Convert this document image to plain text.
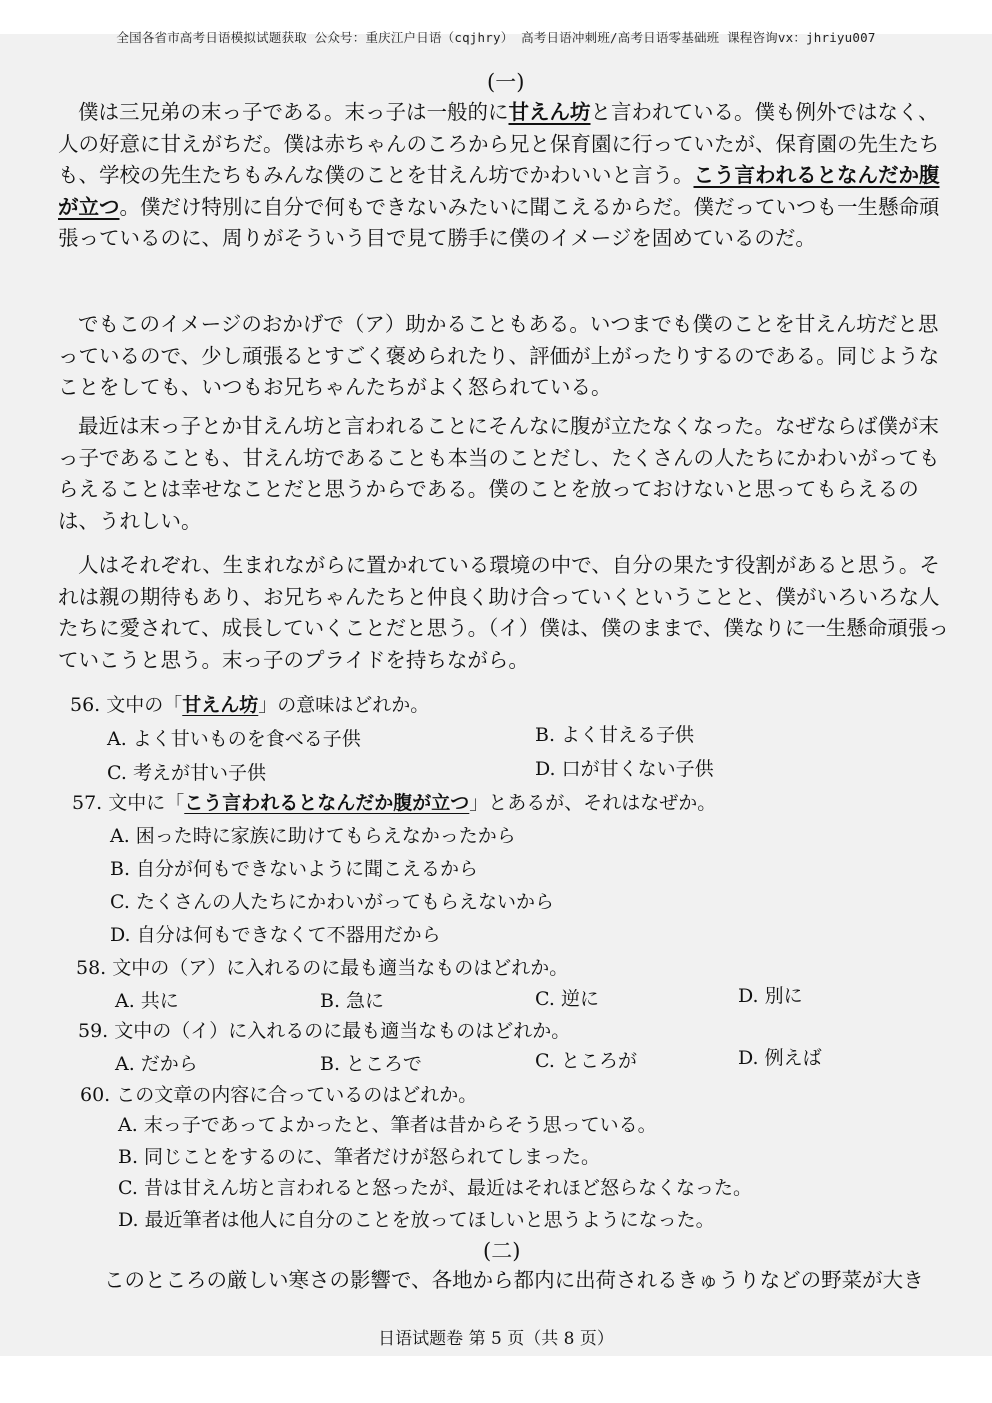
全国各省市高考日语模拟试题获取 公众号：重庆江户日语（cqjhry） 高考日语冲刺班/高考日语零基础班 课程咨询vx：jhriyu007
(一)

僕は三兄弟の末っ子である。末っ子は一般的に甘えん坊と言われている。僕も例外ではなく、人の好意に甘えがちだ。僕は赤ちゃんのころから兄と保育園に行っていたが、保育園の先生たちも、学校の先生たちもみんな僕のことを甘えん坊でかわいいと言う。こう言われるとなんだか腹が立つ。僕だけ特別に自分で何もできないみたいに聞こえるからだ。僕だっていつも一生懸命頑張っているのに、周りがそういう目で見て勝手に僕のイメージを固めているのだ。

でもこのイメージのおかげで（ア）助かることもある。いつまでも僕のことを甘えん坊だと思っているので、少し頑張るとすごく褒められたり、評価が上がったりするのである。同じようなことをしても、いつもお兄ちゃんたちがよく怒られている。

最近は末っ子とか甘えん坊と言われることにそんなに腹が立たなくなった。なぜならば僕が末っ子であることも、甘えん坊であることも本当のことだし、たくさんの人たちにかわいがってもらえることは幸せなことだと思うからである。僕のことを放っておけないと思ってもらえるのは、うれしい。

人はそれぞれ、生まれながらに置かれている環境の中で、自分の果たす役割があると思う。それは親の期待もあり、お兄ちゃんたちと仲良く助け合っていくということと、僕がいろいろな人たちに愛されて、成長していくことだと思う。（イ）僕は、僕のままで、僕なりに一生懸命頑張っていこうと思う。末っ子のプライドを持ちながら。

56. 文中の「甘えん坊」の意味はどれか。
A. よく甘いものを食べる子供	B. よく甘える子供
C. 考えが甘い子供	D. 口が甘くない子供
57. 文中に「こう言われるとなんだか腹が立つ」とあるが、それはなぜか。
A. 困った時に家族に助けてもらえなかったから
B. 自分が何もできないように聞こえるから
C. たくさんの人たちにかわいがってもらえないから
D. 自分は何もできなくて不器用だから
58. 文中の（ア）に入れるのに最も適当なものはどれか。
A. 共に	B. 急に	C. 逆に	D. 別に
59. 文中の（イ）に入れるのに最も適当なものはどれか。
A. だから	B. ところで	C. ところが	D. 例えば
60. この文章の内容に合っているのはどれか。
A. 末っ子であってよかったと、筆者は昔からそう思っている。
B. 同じことをするのに、筆者だけが怒られてしまった。
C. 昔は甘えん坊と言われると怒ったが、最近はそれほど怒らなくなった。
D. 最近筆者は他人に自分のことを放ってほしいと思うようになった。
(二)

このところの厳しい寒さの影響で、各地から都内に出荷されるきゅうりなどの野菜が大き

日语试题卷 第 5 页（共 8 页）
